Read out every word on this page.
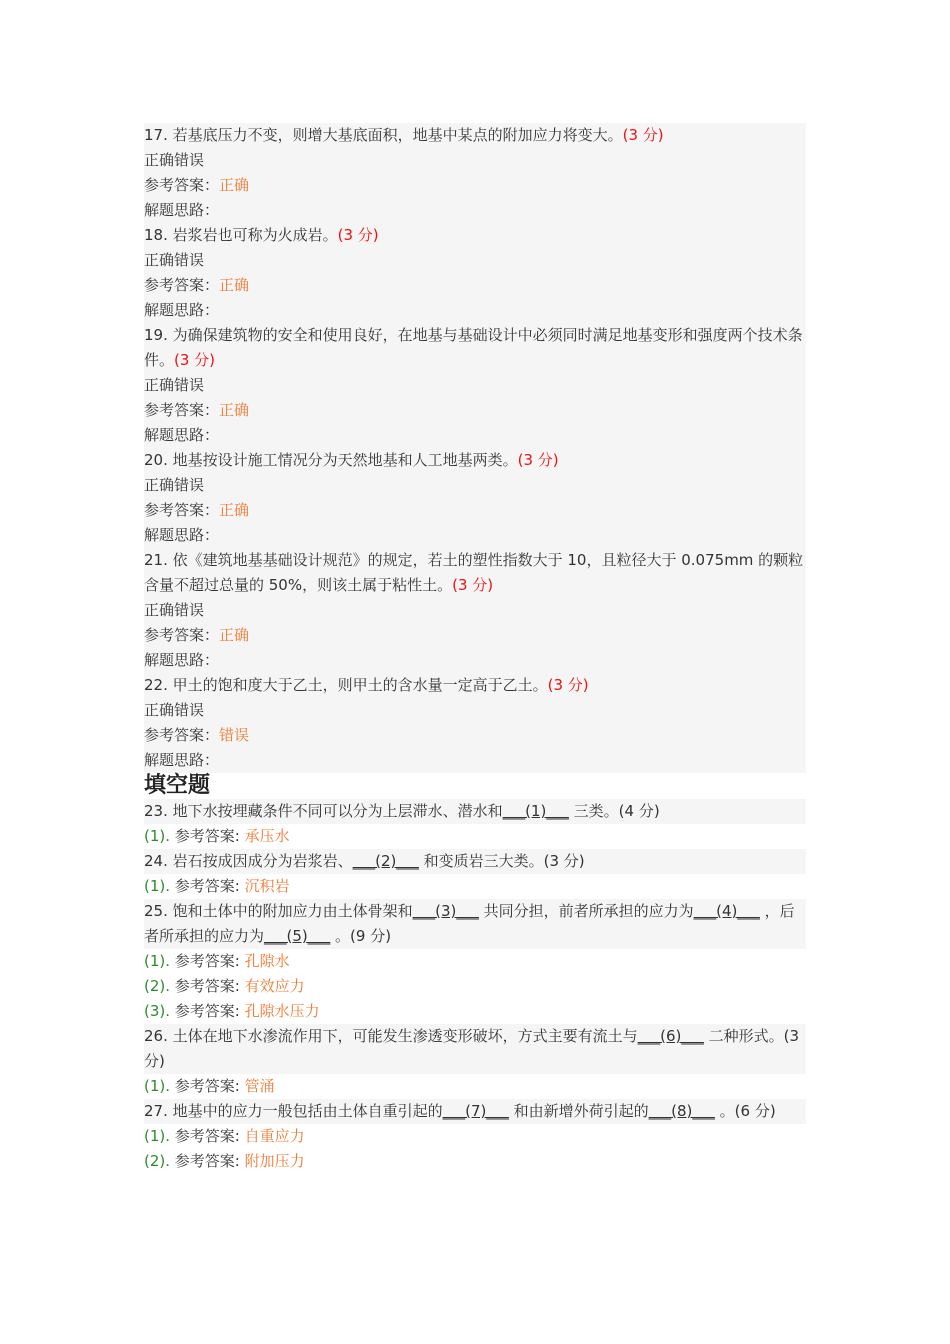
17. 若基底压力不变，则增大基底面积，地基中某点的附加应力将变大。(3 分)
正确错误
参考答案：正确
解题思路：
18. 岩浆岩也可称为火成岩。(3 分)
正确错误
参考答案：正确
解题思路：
19. 为确保建筑物的安全和使用良好，在地基与基础设计中必须同时满足地基变形和强度两个技术条件。(3 分)
正确错误
参考答案：正确
解题思路：
20. 地基按设计施工情况分为天然地基和人工地基两类。(3 分)
正确错误
参考答案：正确
解题思路：
21. 依《建筑地基基础设计规范》的规定，若土的塑性指数大于 10，且粒径大于 0.075mm 的颗粒含量不超过总量的 50%，则该土属于粘性土。(3 分)
正确错误
参考答案：正确
解题思路：
22. 甲土的饱和度大于乙土，则甲土的含水量一定高于乙土。(3 分)
正确错误
参考答案：错误
解题思路：
填空题
23. 地下水按埋藏条件不同可以分为上层滞水、潜水和___(1)___ 三类。(4 分)
(1). 参考答案: 承压水
24. 岩石按成因成分为岩浆岩、___(2)___ 和变质岩三大类。(3 分)
(1). 参考答案: 沉积岩
25. 饱和土体中的附加应力由土体骨架和___(3)___ 共同分担，前者所承担的应力为___(4)___ ，后者所承担的应力为___(5)___ 。(9 分)
(1). 参考答案: 孔隙水
(2). 参考答案: 有效应力
(3). 参考答案: 孔隙水压力
26. 土体在地下水渗流作用下，可能发生渗透变形破坏，方式主要有流土与___(6)___ 二种形式。(3 分)
(1). 参考答案: 管涌
27. 地基中的应力一般包括由土体自重引起的___(7)___ 和由新增外荷引起的___(8)___ 。(6 分)
(1). 参考答案: 自重应力
(2). 参考答案: 附加压力
